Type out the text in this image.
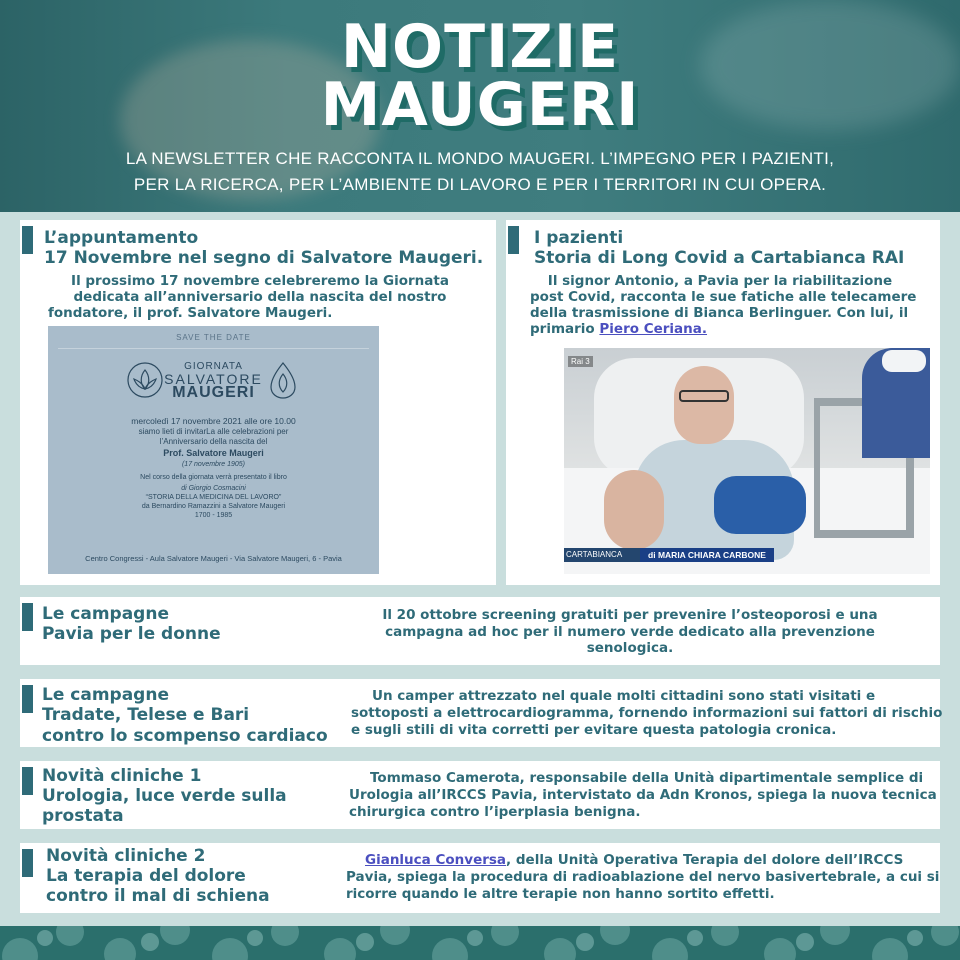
NOTIZIE
MAUGERI
LA NEWSLETTER CHE RACCONTA IL MONDO MAUGERI. L’IMPEGNO PER I PAZIENTI,
PER LA RICERCA, PER L’AMBIENTE DI LAVORO E PER I TERRITORI IN CUI OPERA.
L’appuntamento
17 Novembre nel segno di Salvatore Maugeri.
Il prossimo 17 novembre celebreremo la Giornata
dedicata all’anniversario della nascita del nostro
fondatore, il prof. Salvatore Maugeri.
SAVE THE DATE
GIORNATA
SALVATORE
MAUGERI
mercoledì 17 novembre 2021 alle ore 10.00
siamo lieti di invitarLa alle celebrazioni per
l’Anniversario della nascita del
Prof. Salvatore Maugeri
(17 novembre 1905)
Nel corso della giornata verrà presentato il libro
di Giorgio Cosmacini
“STORIA DELLA MEDICINA DEL LAVORO”
da Bernardino Ramazzini a Salvatore Maugeri
1700 - 1985
Centro Congressi - Aula Salvatore Maugeri - Via Salvatore Maugeri, 6 - Pavia
I pazienti
Storia di Long Covid a Cartabianca RAI
Il signor Antonio, a Pavia per la riabilitazione
post Covid, racconta le sue fatiche alle telecamere
della trasmissione di Bianca Berlinguer. Con lui, il
primario Piero Ceriana.
Rai 3
CARTABIANCA	di MARIA CHIARA CARBONE
Le campagne
Pavia per le donne
Il 20 ottobre screening gratuiti per prevenire l’osteoporosi e una
campagna ad hoc per il numero verde dedicato alla prevenzione senologica.
Le campagne
Tradate, Telese e Bari
contro lo scompenso cardiaco
Un camper attrezzato nel quale molti cittadini sono stati visitati e
sottoposti a elettrocardiogramma, fornendo informazioni sui fattori di rischio
e sugli stili di vita corretti per evitare questa patologia cronica.
Novità cliniche 1
Urologia, luce verde sulla
prostata
Tommaso Camerota, responsabile della Unità dipartimentale semplice di
Urologia all’IRCCS Pavia, intervistato da Adn Kronos, spiega la nuova tecnica
chirurgica contro l’iperplasia benigna.
Novità cliniche 2
La terapia del dolore
contro il mal di schiena
Gianluca Conversa, della Unità Operativa Terapia del dolore dell’IRCCS
Pavia, spiega la procedura di radioablazione del nervo basivertebrale, a cui si
ricorre quando le altre terapie non hanno sortito effetti.
